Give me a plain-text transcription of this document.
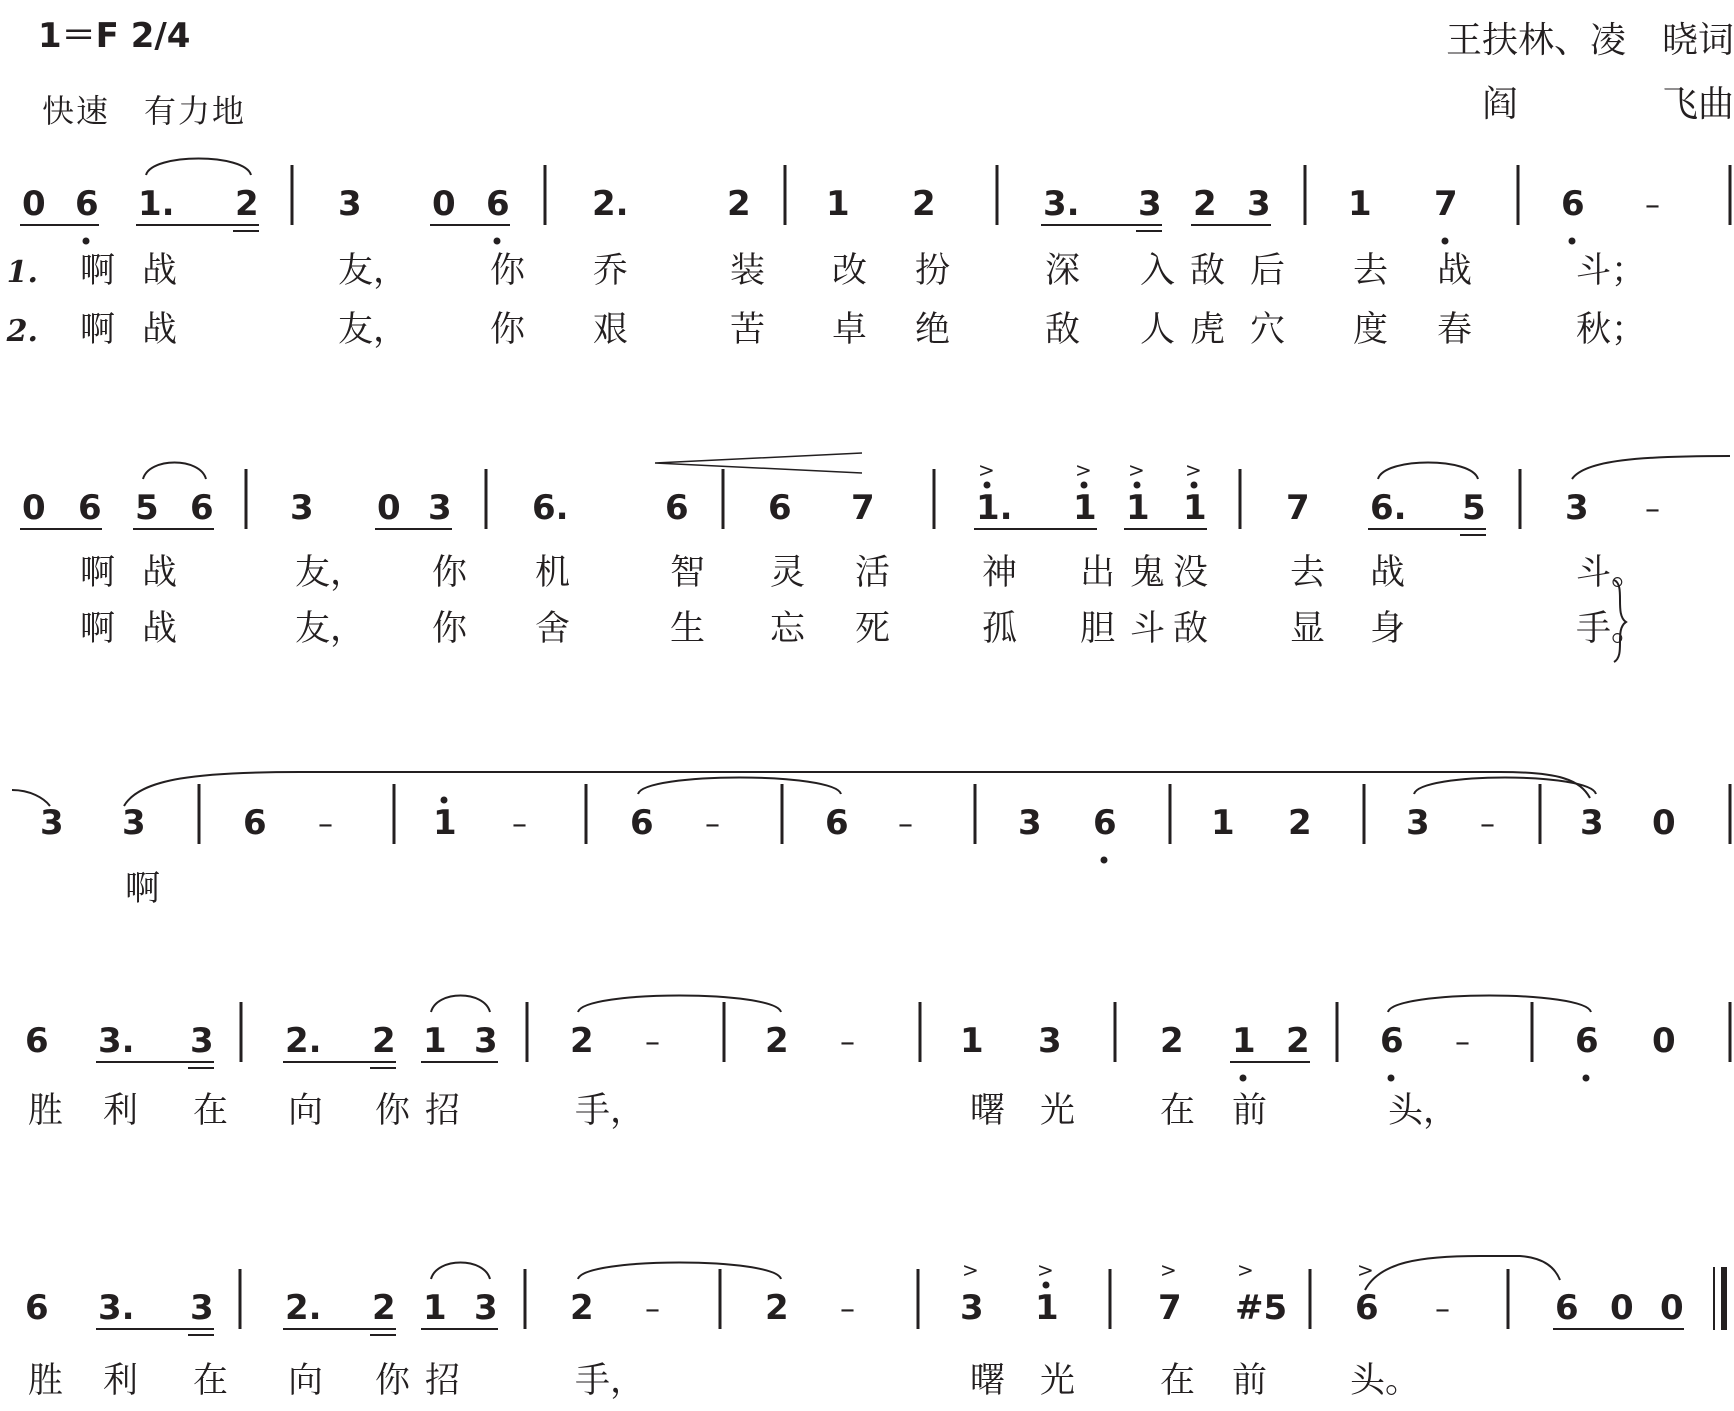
1＝F 2/4
快速　有力地
王扶林、凌　晓词
阎　　　　飞曲
0 6 1. 2 3 0 6 2.	2 1 2	3. 3 2 3 1 7	6 –
啊 战	友， 你 乔	装 改 扮	深 入 敌 后 去 战	斗；
1.
啊 战	友， 你 艰	苦 卓 绝	敌 人 虎 穴 度 春	秋；
2.
0 6 5 6 3 0 3 6.	6 6 7	1. 1 1 1 7 6. 5 3 –
>	> > >
啊 战	友， 你 机	智 灵 活	神 出 鬼 没 去 战	斗。
啊 战	友， 你 舍	生 忘 死	孤 胆 斗 敌 显 身	手。
3 3	6 –	1 –	6 –	6 –	3 6	1 2	3 –	3 0
啊
6 3. 3 2. 2 1 3 2 –	2 –	1 3	2 1 2 6 –	6 0
胜 利 在 向 你 招	手，	曙 光 在 前	头，
6 3. 3 2. 2 1 3 2 –	2 –	3 1	7 #5 6 –	6 0 0
>	>	>	>	>
胜 利 在 向 你 招	手，	曙 光 在 前 头。
